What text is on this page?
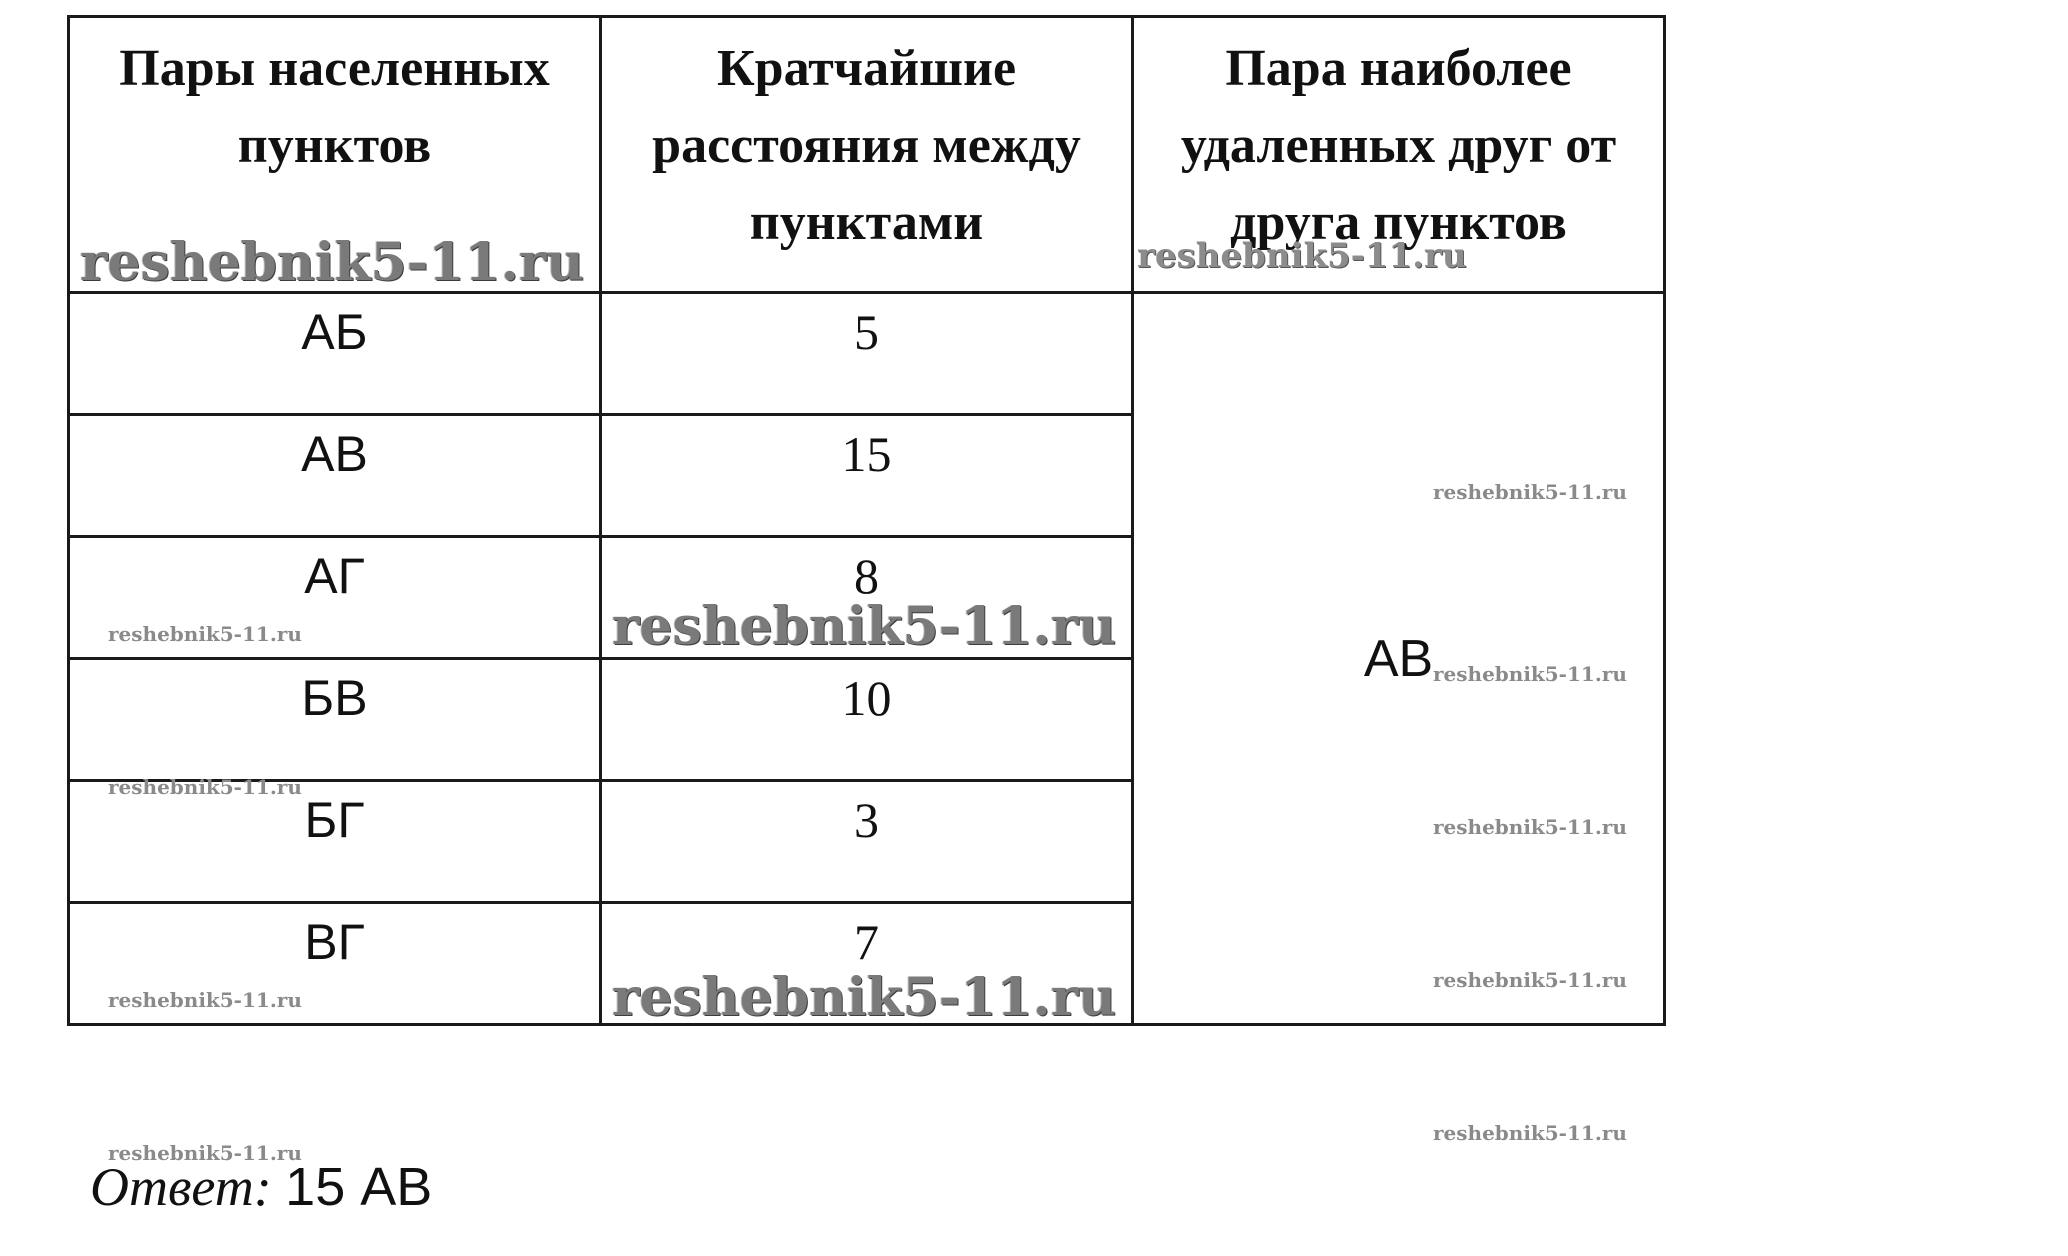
Пары населенных пунктов	Кратчайшие расстояния между пунктами	Пара наиболее удаленных друг от друга пунктов
АБ	5	АВ
АВ	15	
АГ	8	
БВ	10	
БГ	3	
ВГ	7	
Ответ: 15 АВ
reshebnik5-11.ru	reshebnik5-11.ru
reshebnik5-11.ru
reshebnik5-11.ru
reshebnik5-11.ru
reshebnik5-11.ru
reshebnik5-11.ru
reshebnik5-11.ru
reshebnik5-11.ru
reshebnik5-11.ru
reshebnik5-11.ru
reshebnik5-11.ru
reshebnik5-11.ru
